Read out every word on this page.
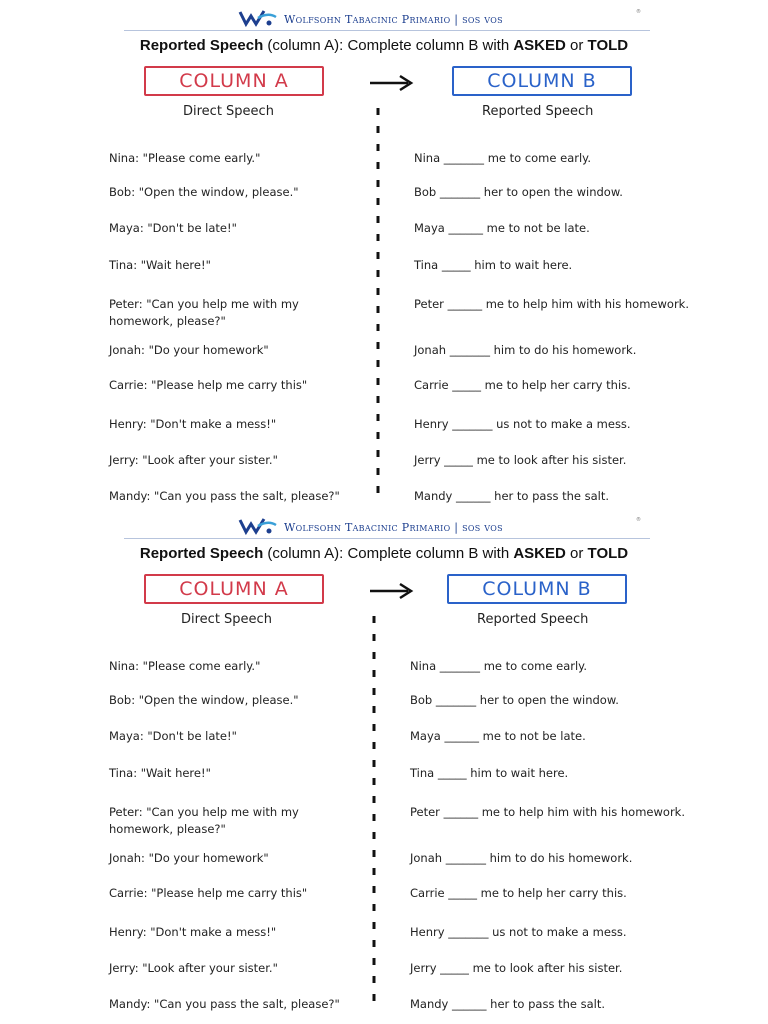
Wolfsohn Tabacinic Primario | sos vos
®
Reported Speech (column A): Complete column B with ASKED or TOLD
COLUMN A	COLUMN B
Direct Speech	Reported Speech
Nina: "Please come early."	Nina _______ me to come early.
Bob: "Open the window, please."	Bob _______ her to open the window.
Maya: "Don't be late!"	Maya ______ me to not be late.
Tina: "Wait here!"	Tina _____ him to wait here.
Peter: "Can you help me with my homework, please?"
Peter ______ me to help him with his homework.
Jonah: "Do your homework"	Jonah _______ him to do his homework.
Carrie: "Please help me carry this"	Carrie _____ me to help her carry this.
Henry: "Don't make a mess!"	Henry _______ us not to make a mess.
Jerry: "Look after your sister."	Jerry _____ me to look after his sister.
Mandy: "Can you pass the salt, please?"	Mandy ______ her to pass the salt.
Wolfsohn Tabacinic Primario | sos vos
®
Reported Speech (column A): Complete column B with ASKED or TOLD
COLUMN A	COLUMN B
Direct Speech	Reported Speech
Nina: "Please come early."	Nina _______ me to come early.
Bob: "Open the window, please."	Bob _______ her to open the window.
Maya: "Don't be late!"	Maya ______ me to not be late.
Tina: "Wait here!"	Tina _____ him to wait here.
Peter: "Can you help me with my homework, please?"
Peter ______ me to help him with his homework.
Jonah: "Do your homework"	Jonah _______ him to do his homework.
Carrie: "Please help me carry this"	Carrie _____ me to help her carry this.
Henry: "Don't make a mess!"	Henry _______ us not to make a mess.
Jerry: "Look after your sister."	Jerry _____ me to look after his sister.
Mandy: "Can you pass the salt, please?"	Mandy ______ her to pass the salt.
